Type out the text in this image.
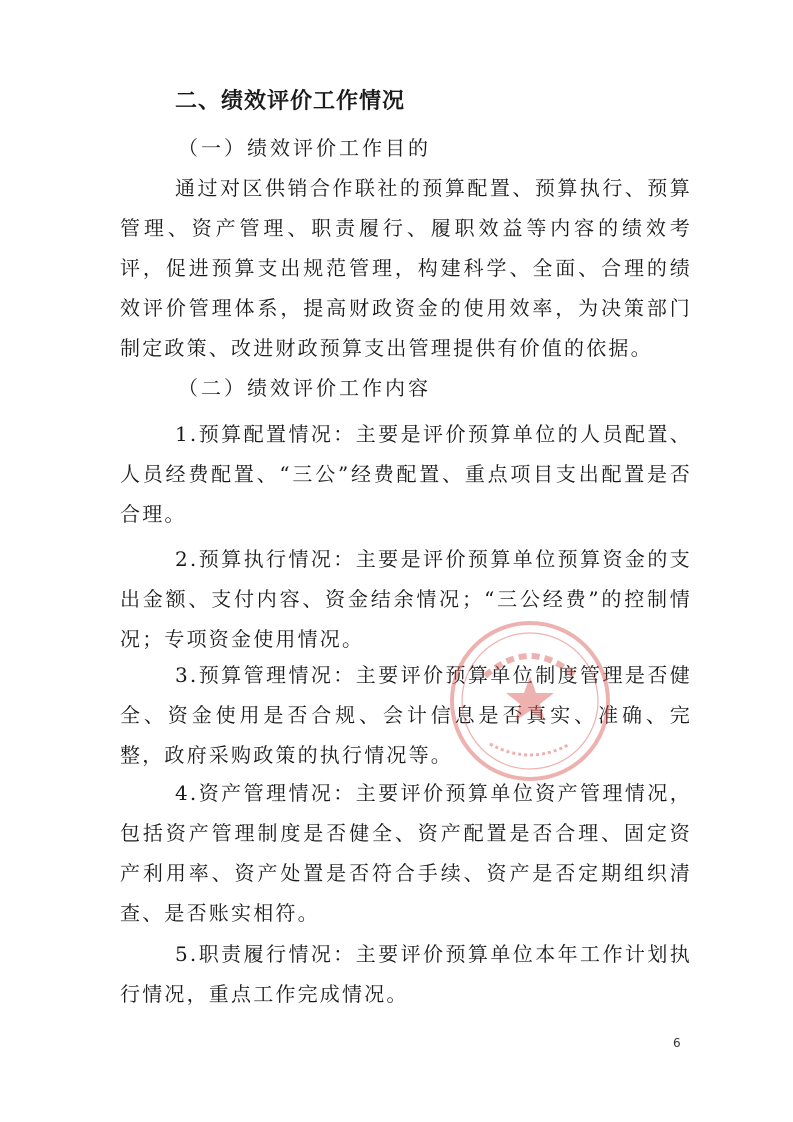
二、绩效评价工作情况
（一）绩效评价工作目的
通过对区供销合作联社的预算配置、预算执行、预算管理、资产管理、职责履行、履职效益等内容的绩效考评，促进预算支出规范管理，构建科学、全面、合理的绩效评价管理体系，提高财政资金的使用效率，为决策部门制定政策、改进财政预算支出管理提供有价值的依据。
（二）绩效评价工作内容
1.预算配置情况：主要是评价预算单位的人员配置、人员经费配置、“三公”经费配置、重点项目支出配置是否合理。
2.预算执行情况：主要是评价预算单位预算资金的支出金额、支付内容、资金结余情况；“三公经费”的控制情况；专项资金使用情况。
3.预算管理情况：主要评价预算单位制度管理是否健全、资金使用是否合规、会计信息是否真实、准确、完整，政府采购政策的执行情况等。
4.资产管理情况：主要评价预算单位资产管理情况，包括资产管理制度是否健全、资产配置是否合理、固定资产利用率、资产处置是否符合手续、资产是否定期组织清查、是否账实相符。
5.职责履行情况：主要评价预算单位本年工作计划执行情况，重点工作完成情况。
6
